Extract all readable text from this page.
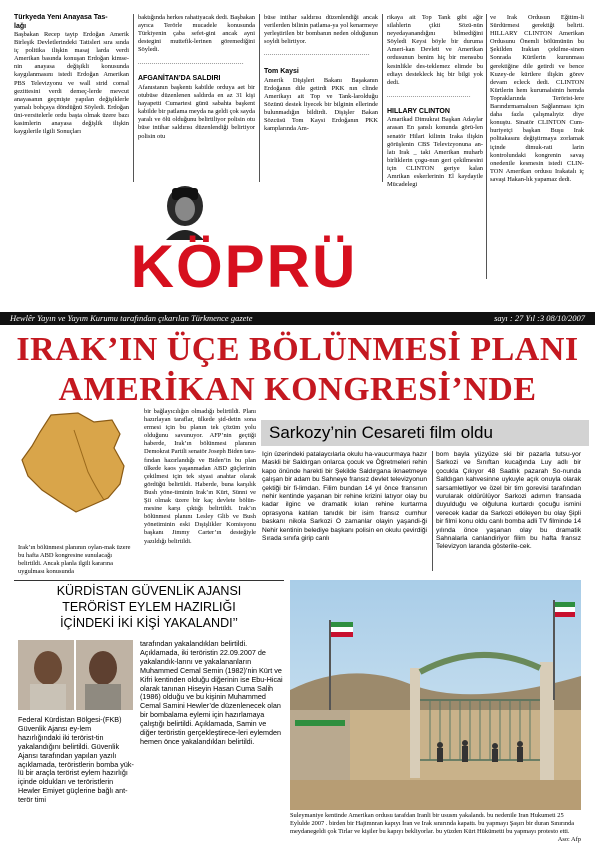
Türkyeda Yeni Anayasa Tas-
lağı
Başbakan Recep tayip Erdoğan Amerik Birleşik Devletlerindeki Tatisleri sıra sında iç politika ilişkin masaj larda verdi Amerikan basında konuşan Erdoğan kimse-nin anayasa değişikli konusunda kaygılanmasını istedi Erdoğan Amerikan PBS Televizyonu ve wall strid cornal gezittesini verdi demeç-lerde mevcut anayasanın geçmişte yapılan değişiklerle yamalı bohçaya döndüğnü Söyledi. Erdoğan üni-versitelerle ordu başta olmak üzere bazı kasimlerin anayasa değişlik ilişkin kaygılerile ilgili Sonuçları
baktığında herkes rahatiyacak dedi. Başbakan ayrıca Terörle mucadele konusunda Türkiyenin çaba sefet-gini ancak ayni destegini muttefik-lerinen göremediğini Söyledi.
.....................................................
AFGANİTAN’DA SALDIRI
Afanıstanın başkentı kabilde orduya aet bir otubüse düzenlenen saldırda en az 31 kişi hayapetti Cumartesi günü sabahta başkent kabilde bir patlama meyda na geldi çok sayda yaralı ve ölü olduğunu belirtiliyor polisin otu büse intihar saldırısı düzenlendiği belirtiyor polisin otu
büse intihar saldırısı düzenlendiği ancak verilerden bilinin patlama-ya yol kenarmeye yerleştirilen bir bombanın neden olduğunun soyldi belirtiyor.
.....................................................
Tom Kaysi
Amerik Dişişleri Bakanı Başakanın Erdoğanın dile getirdi PKK nın clinde Amerikayı ait Top ve Tank-larolduğu Sözünü destek liyecek bir bilginin ellerinde bulunmadığın bildirdi. Dişişler Bakan Sözcüsü Tom Kaysi Erdoğanın PKK kamplarında Am-
rikaya ait Top Tank gibi ağir silahlerin çikti Sözü-nün neyedayanandığını bilmediğini Söyledi Keysi böyle bir duruma Ameri-kan Devleti ve Amerikan ordusunun benim hiç bir mensubu kesinlikle des-teklemez elimde bu ediayı destekleck hiç bir bilgi yok dedi.
..........................................
HILLARY CLINTON
Amarikad Dimukrat Başkan Adaylar arasan En şanslı konunda görü-len senatör Hilari kilintn Iraka ilişkin görüşlenin CBS Televizyonuna an-latı Irak _ taki Amerikan muharb birliklerin çogu-nun geri çekilmesini için CLINTON geriye kalan Amrikan eskerlerinin El kaydayile Mücadelegi
ve Irak Ordusun Eğitim-li Sürdürmesi gerektiği belirti. HILLARY CLINTON Amerikan Ordusunu Önemli bölümünün bu Şekilden Irakian çekilme-sinen Sonrada Kürtlerin kurunması gerektiğine dile getirdi ve bence Kuzey-de kürtlere ilişkin görev devam ecleck dedi. CLINTON Kürtlerin hem kurumalsinin hemda Topraklarında Terörist-lere Barındırmamalısın Sağlanması için daha fazla çalışmalıyiz diye konuştu. Sinatör CLINTON Cum-huriyetçi başkan Buşu Irak politakasını değiştirmaya zorlamak içinde dimuk-rati larin kontrolundaki kongrenin savaş onedenile kesmesin istedi CLIN-TON Amerikan ordusu Irakatalı iç savaşi Hakan-lık yapamaz dedi.
KÖPRÜ
Hewlêr Yayın ve Yayım Kurumu tarafından çıkarılan Türkmence gazete	sayı : 27 Yıl :3 08/10/2007
IRAK’IN ÜÇE BÖLÜNMESİ PLANI
AMERİKAN KONGRESİ’NDE
Irak’ın bölünmesi planının oylan-mak üzere bu hafta ABD kongresine sunulacağı belirtildi. Ancak planla ilgili kararına uygulması konusunda
bir bağlayıcılığın olmadığı belirtildi. Planı hazırlayan taraflar, ülkede şid-detin sona ermesi için bu planın tek çözüm yolu olduğunu savunuyor. AFP’nin geçtiği haberde, Irak’ın bölünmesi planının Demokrat Partili senatör Joseph Biden tara-fından hazırlandığı ve Biden’in bu plan ülkede kaos yaşanmadan ABD güçlerinin çekilmesi için tek siyasi anahtar olarak gördüğü belirtildi. Haberde, buna karşılık Bush yöne-timinin Irak’ın Kürt, Sünni ve Şii olmak üzere bir kaç devlete bölün-mesine karşı çıktığı belirtildi. Irak’ın bölünmesi planını Lesley Glib ve Bush yönetiminin eski Dışişlikler Komisyonu başkanı Jimmy Carter’ın desteğiyle yazıldığı belirtildi.
Sarkozy’nin Cesareti film oldu
İçin üzerindeki patalaycılarla okulu ha-vaucurmaya hazır Maskli bir Saldırgan onlarca çocuk ve Öğretmeleri rehin kapo önünde harekti bir Şekilde Saldırgana iknaetmeye çalışan bir adam bu Sahneye fransız devlet televizyonun çektiği bir fi-limdan. Filim bundan 14 yıl önce fransının nehir kentinde yaşanan bir rehine krizini latıyor olay bu kadar ilginc ve dramatik kılan rehine kurtarma oprasyona katılan tanıdık bir isim fransız cumhur baskanı nikola Sarkozi O zamanlar olayin yaşandi-ği Nehir kentinin belediye başkanı polisin en okulu çevirdiği Sırada sınıfa girip canlı
bom bayla yüzyüze ski bir pazarla tutsu-yor Sarkozi ve Sınıftan kucağında Luy adlı bir çocukla Çıkıyor 48 Saatlık pazarah So-nunda Salldıgan kahvesinne uykuyle açık onuyla olarak sarsamlettiyor ve özel bir tim gorevisi tarafından vurularak oldürülüyor Sarkozi adımın fransada duyulduğu ve olğuluna kurtardı çocuğu ismini verecek kadar da Sarkozi etkileyen bu olay Şipli bir filmi konu oldu canlı bomba adli TV filminde 14 yılında önce yaşanan olay bu dramatik Sahnalarla canlandiriyor filim bu hafta fransız Televizyon laranda gösterile-cek.
KÜRDİSTAN GÜVENLİK AJANSI
TERÖRİST EYLEM HAZIRLIĞI
İÇİNDEKİ İKİ KİŞİ YAKALANDI’’
Federal Kürdistan Bölgesi-(FKB) Güvenlik Ajansı ey-lem hazırlığındaki iki terörist-tin yakalandığını belirtildi. Güvenlik Ajansı tarafından yapılan yazılı açıklamada, teröristlerin bomba yük-lü bir araçla terörist eylem hazırlığı içinde oldukları ve teröristlerin Hewler Emiyet güçlerine bağlı ant-terör timi
tarafından yakalandıkları belirtildi. Açıklamada, iki teröristin 22.09.2007 de yakalandık-larını ve yakalananların Muhammed Cemal Semin (1982)’nin Kürt ve Kifri kentinden olduğu diğerinin ise Ebu-Hicai olarak tanınan Hiseyin Hasan Cuma Salih (1986) olduğu ve bu kişinin Muhammed Cemal Samini Hewler’de düzenlenecek olan bir bombalama eylemi için hazırlamaya çalıştığı belirtildi. Açıklamada, Samin ve diğer teröristin gerçekleştirece-leri eylemden hemen önce yakalandıkları belirtildi.
Suleymaniye kentinde Amerikan ordusu tarafdan Iranli bir ususm yakalandı. bu nedenile Iran Hukumeti 25 Eylulde 2007 . birden bir Hajimnran kapıyı İran ve Irak sınırında kapattı. bu yapmayı Şaşırı bir duran Sınırında meydanegeldi çok Tirlar ve kişiler bu kapıyı bekliyorlar. bu yüzden Kürt Hükümetti bu yapmayı protesto etti.
Aso: Afp
